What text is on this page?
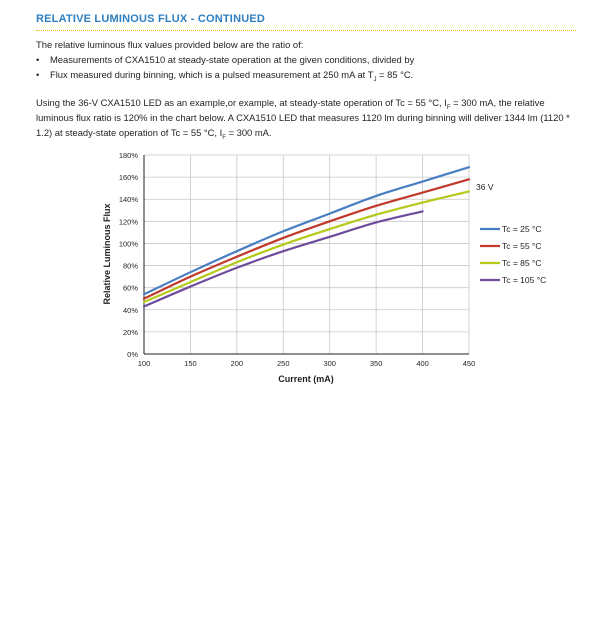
RELATIVE LUMINOUS FLUX - CONTINUED
The relative luminous flux values provided below are the ratio of:
• Measurements of CXA1510 at steady-state operation at the given conditions, divided by
• Flux measured during binning, which is a pulsed measurement at 250 mA at $T_J = 85$ °C.
Using the 36-V CXA1510 LED as an example,or example, at steady-state operation of Tc = 55 °C, $I_F = 300$ mA, the relative luminous flux ratio is 120% in the chart below. A CXA1510 LED that measures 1120 lm during binning will deliver 1344 lm (1120 * 1.2) at steady-state operation of Tc = 55 °C, $I_F = 300$ mA.
0%
20%
40%
60%
80%
100%
120%
140%
160%
180%
100	150	200	250	300	350	400	450
Tc = 25 °C
Tc = 55 °C
Tc = 85 °C
Tc = 105 °C
Current (mA)
Relative Luminous Flux
36 V
